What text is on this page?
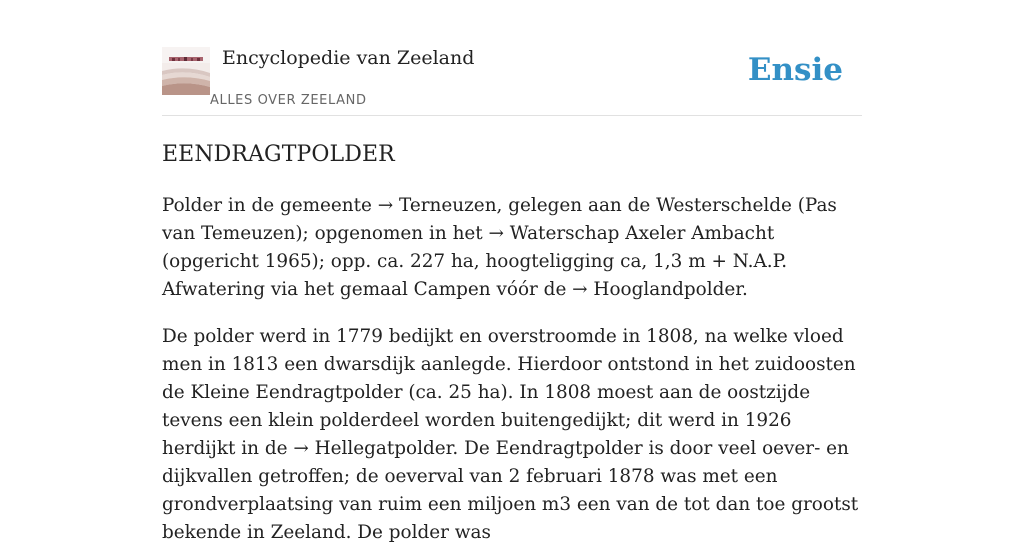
Encyclopedie van Zeeland
ALLES OVER ZEELAND
Ensie
EENDRAGTPOLDER

Polder in de gemeente → Terneuzen, gelegen aan de Westerschelde (Pas van Temeuzen); opgenomen in het → Waterschap Axeler Ambacht (opgericht 1965); opp. ca. 227 ha, hoogteligging ca, 1,3 m + N.A.P. Afwatering via het gemaal Campen vóór de → Hooglandpolder.

De polder werd in 1779 bedijkt en overstroomde in 1808, na welke vloed men in 1813 een dwarsdijk aanlegde. Hierdoor ontstond in het zuidoosten de Kleine Eendragtpolder (ca. 25 ha). In 1808 moest aan de oostzijde tevens een klein polderdeel worden buitengedijkt; dit werd in 1926 herdijkt in de → Hellegatpolder. De Eendragtpolder is door veel oever- en dijkvallen getroffen; de oeverval van 2 februari 1878 was met een grondverplaatsing van ruim een miljoen m3 een van de tot dan toe grootst bekende in Zeeland. De polder was
